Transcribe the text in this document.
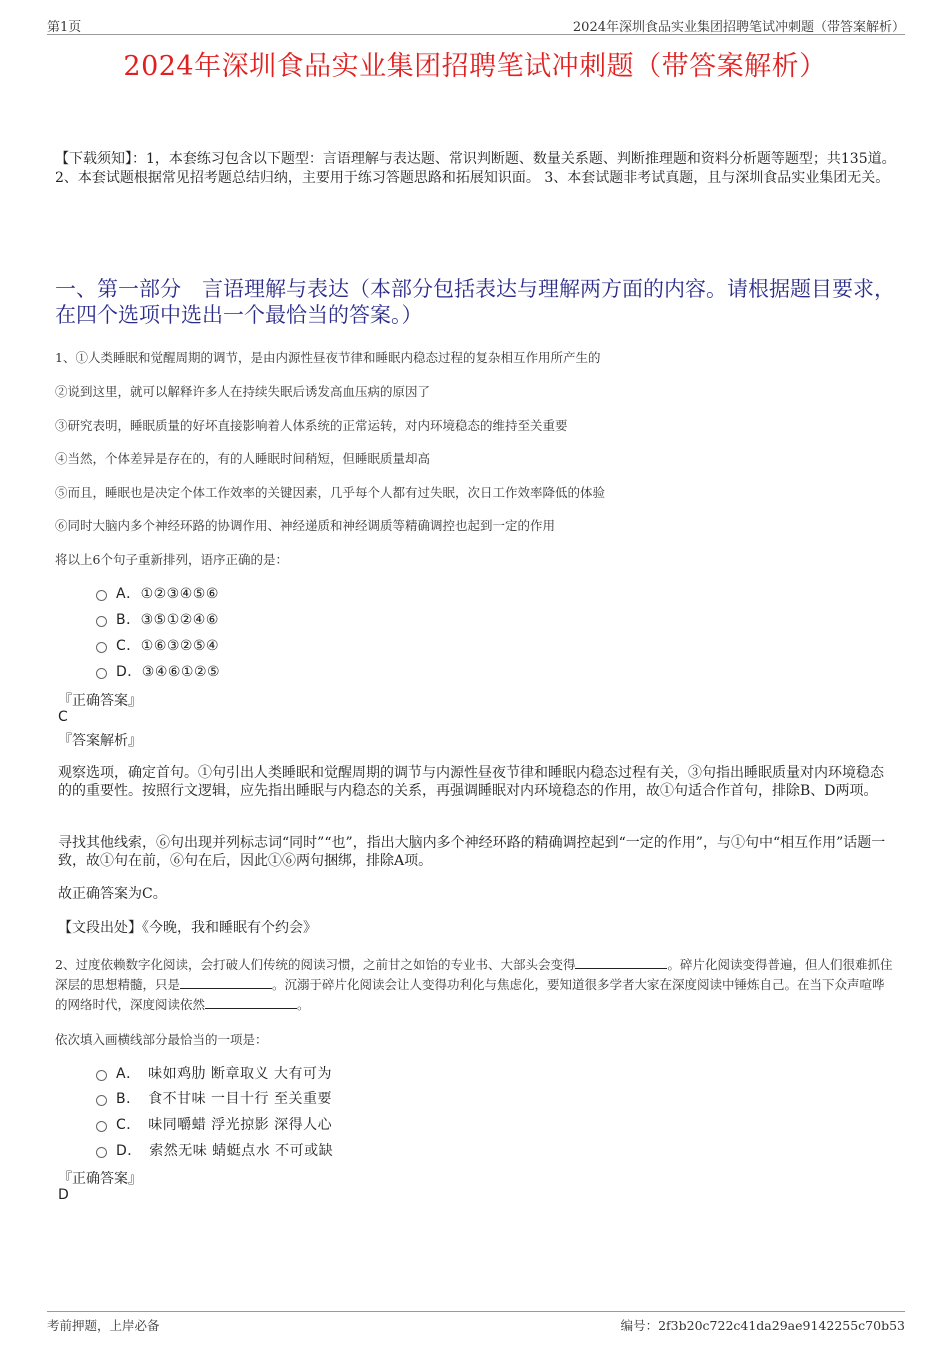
第1页	2024年深圳食品实业集团招聘笔试冲刺题（带答案解析）
2024年深圳食品实业集团招聘笔试冲刺题（带答案解析）
【下载须知】：1，本套练习包含以下题型：言语理解与表达题、常识判断题、数量关系题、判断推理题和资料分析题等题型；共135道。 2、本套试题根据常见招考题总结归纳，主要用于练习答题思路和拓展知识面。 3、本套试题非考试真题，且与深圳食品实业集团无关。
一、第一部分　言语理解与表达（本部分包括表达与理解两方面的内容。请根据题目要求，在四个选项中选出一个最恰当的答案。）
1、①人类睡眠和觉醒周期的调节，是由内源性昼夜节律和睡眠内稳态过程的复杂相互作用所产生的
②说到这里，就可以解释许多人在持续失眠后诱发高血压病的原因了
③研究表明，睡眠质量的好坏直接影响着人体系统的正常运转，对内环境稳态的维持至关重要
④当然，个体差异是存在的，有的人睡眠时间稍短，但睡眠质量却高
⑤而且，睡眠也是决定个体工作效率的关键因素，几乎每个人都有过失眠，次日工作效率降低的体验
⑥同时大脑内多个神经环路的协调作用、神经递质和神经调质等精确调控也起到一定的作用
将以上6个句子重新排列，语序正确的是：
A．①②③④⑤⑥
B．③⑤①②④⑥
C．①⑥③②⑤④
D．③④⑥①②⑤
『正确答案』
C
『答案解析』
观察选项，确定首句。①句引出人类睡眠和觉醒周期的调节与内源性昼夜节律和睡眠内稳态过程有关，③句指出睡眠质量对内环境稳态的的重要性。按照行文逻辑，应先指出睡眠与内稳态的关系，再强调睡眠对内环境稳态的作用，故①句适合作首句，排除B、D两项。
寻找其他线索，⑥句出现并列标志词“同时”“也”，指出大脑内多个神经环路的精确调控起到“一定的作用”，与①句中“相互作用”话题一致，故①句在前，⑥句在后，因此①⑥两句捆绑，排除A项。
故正确答案为C。
【文段出处】《今晚，我和睡眠有个约会》
2、过度依赖数字化阅读，会打破人们传统的阅读习惯，之前甘之如饴的专业书、大部头会变得	。碎片化阅读变得普遍，但人们很难抓住深层的思想精髓，只是	。沉溺于碎片化阅读会让人变得功利化与焦虑化，要知道很多学者大家在深度阅读中锤炼自己。在当下众声喧哗的网络时代，深度阅读依然	。
依次填入画横线部分最恰当的一项是：
A．　味如鸡肋 断章取义 大有可为
B．　食不甘味 一目十行 至关重要
C．　味同嚼蜡 浮光掠影 深得人心
D．　索然无味 蜻蜓点水 不可或缺
『正确答案』
D
考前押题，上岸必备	编号：2f3b20c722c41da29ae9142255c70b53
